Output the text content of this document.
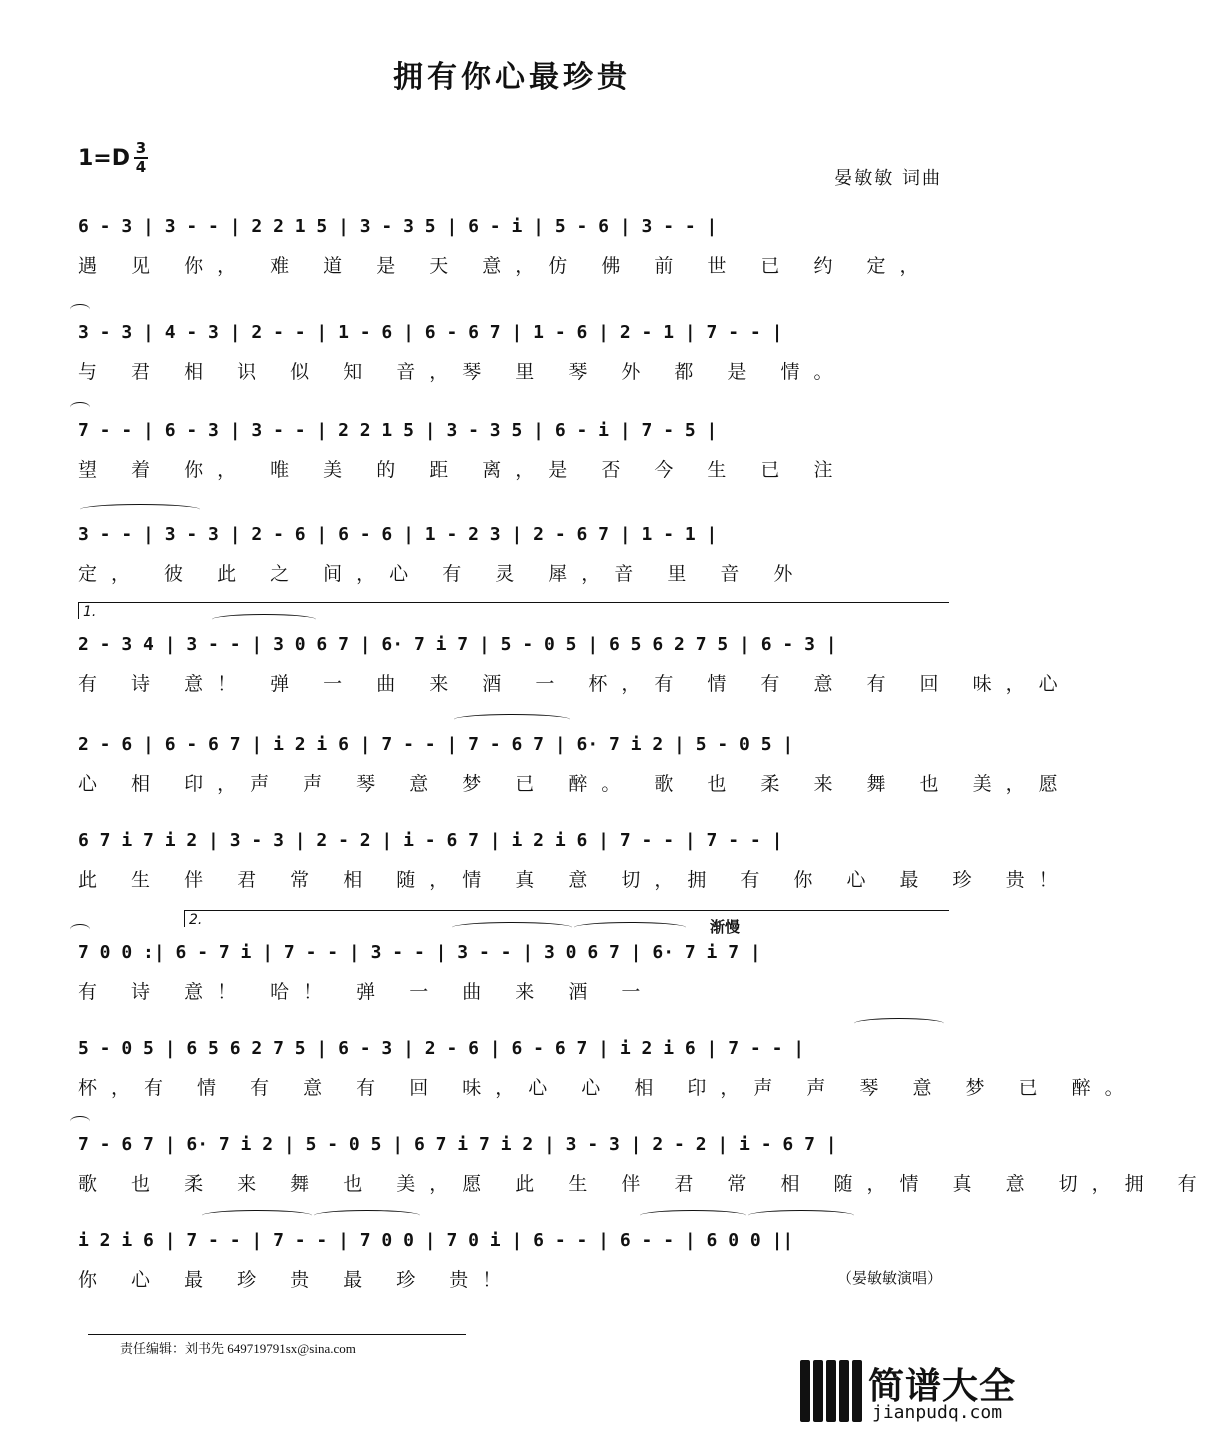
拥有你心最珍贵
1=D 3
4
晏敏敏 词曲
6 - 3 | 3 - - | 2 2 1 5 | 3 - 3 5 | 6 - i | 5 - 6 | 3 - - |
遇 见 你， 难 道 是 天 意，仿 佛 前 世 已 约 定，
3 - 3 | 4 - 3 | 2 - - | 1 - 6 | 6 - 6 7 | 1 - 6 | 2 - 1 | 7 - - |
与 君 相 识 似 知 音，琴 里 琴 外 都 是 情。
7 - - | 6 - 3 | 3 - - | 2 2 1 5 | 3 - 3 5 | 6 - i | 7 - 5 |
望 着 你， 唯 美 的 距 离，是 否 今 生 已 注
3 - - | 3 - 3 | 2 - 6 | 6 - 6 | 1 - 2 3 | 2 - 6 7 | 1 - 1 |
定， 彼 此 之 间，心 有 灵 犀，音 里 音 外
1.
2 - 3 4 | 3 - - | 3 0 6 7 | 6· 7 i 7 | 5 - 0 5 | 6 5 6 2 7 5 | 6 - 3 |
有 诗 意！ 弹 一 曲 来 酒 一 杯，有 情 有 意 有 回 味，心
2 - 6 | 6 - 6 7 | i 2 i 6 | 7 - - | 7 - 6 7 | 6· 7 i 2 | 5 - 0 5 |
心 相 印，声 声 琴 意 梦 已 醉。 歌 也 柔 来 舞 也 美，愿
6 7 i 7 i 2 | 3 - 3 | 2 - 2 | i - 6 7 | i 2 i 6 | 7 - - | 7 - - |
此 生 伴 君 常 相 随，情 真 意 切，拥 有 你 心 最 珍 贵！
2.	渐慢
7 0 0 :| 6 - 7 i | 7 - - | 3 - - | 3 - - | 3 0 6 7 | 6· 7 i 7 |
有 诗 意！ 哈！ 弹 一 曲 来 酒 一
5 - 0 5 | 6 5 6 2 7 5 | 6 - 3 | 2 - 6 | 6 - 6 7 | i 2 i 6 | 7 - - |
杯，有 情 有 意 有 回 味，心 心 相 印，声 声 琴 意 梦 已 醉。
7 - 6 7 | 6· 7 i 2 | 5 - 0 5 | 6 7 i 7 i 2 | 3 - 3 | 2 - 2 | i - 6 7 |
歌 也 柔 来 舞 也 美，愿 此 生 伴 君 常 相 随，情 真 意 切，拥 有
i 2 i 6 | 7 - - | 7 - - | 7 0 0 | 7 0 i | 6 - - | 6 - - | 6 0 0 ||
你 心 最 珍 贵 最 珍 贵！	（晏敏敏演唱）
责任编辑：刘书先 649719791sx@sina.com
简谱大全
jianpudq.com
